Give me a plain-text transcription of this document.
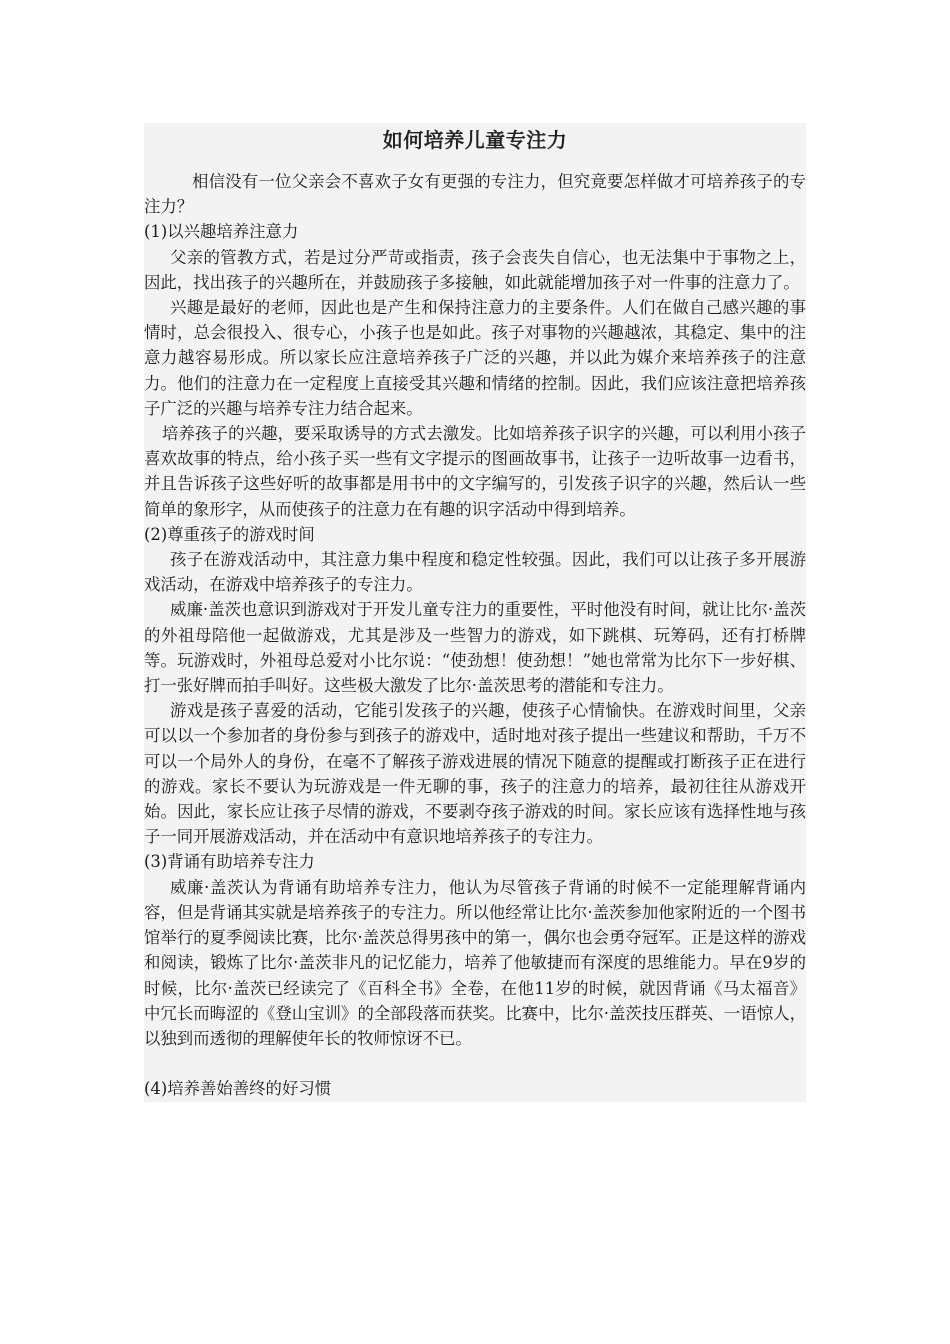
如何培养儿童专注力

相信没有一位父亲会不喜欢子女有更强的专注力，但究竟要怎样做才可培养孩子的专注力？

(1)以兴趣培养注意力

父亲的管教方式，若是过分严苛或指责，孩子会丧失自信心，也无法集中于事物之上，因此，找出孩子的兴趣所在，并鼓励孩子多接触，如此就能增加孩子对一件事的注意力了。

兴趣是最好的老师，因此也是产生和保持注意力的主要条件。人们在做自己感兴趣的事情时，总会很投入、很专心，小孩子也是如此。孩子对事物的兴趣越浓，其稳定、集中的注意力越容易形成。所以家长应注意培养孩子广泛的兴趣，并以此为媒介来培养孩子的注意力。他们的注意力在一定程度上直接受其兴趣和情绪的控制。因此，我们应该注意把培养孩子广泛的兴趣与培养专注力结合起来。

培养孩子的兴趣，要采取诱导的方式去激发。比如培养孩子识字的兴趣，可以利用小孩子喜欢故事的特点，给小孩子买一些有文字提示的图画故事书，让孩子一边听故事一边看书，并且告诉孩子这些好听的故事都是用书中的文字编写的，引发孩子识字的兴趣，然后认一些简单的象形字，从而使孩子的注意力在有趣的识字活动中得到培养。

(2)尊重孩子的游戏时间

孩子在游戏活动中，其注意力集中程度和稳定性较强。因此，我们可以让孩子多开展游戏活动，在游戏中培养孩子的专注力。

威廉·盖茨也意识到游戏对于开发儿童专注力的重要性，平时他没有时间，就让比尔·盖茨的外祖母陪他一起做游戏，尤其是涉及一些智力的游戏，如下跳棋、玩筹码，还有打桥牌等。玩游戏时，外祖母总爱对小比尔说：“使劲想！使劲想！”她也常常为比尔下一步好棋、打一张好牌而拍手叫好。这些极大激发了比尔·盖茨思考的潜能和专注力。

游戏是孩子喜爱的活动，它能引发孩子的兴趣，使孩子心情愉快。在游戏时间里，父亲可以以一个参加者的身份参与到孩子的游戏中，适时地对孩子提出一些建议和帮助，千万不可以一个局外人的身份，在毫不了解孩子游戏进展的情况下随意的提醒或打断孩子正在进行的游戏。家长不要认为玩游戏是一件无聊的事，孩子的注意力的培养，最初往往从游戏开始。因此，家长应让孩子尽情的游戏，不要剥夺孩子游戏的时间。家长应该有选择性地与孩子一同开展游戏活动，并在活动中有意识地培养孩子的专注力。

(3)背诵有助培养专注力

威廉·盖茨认为背诵有助培养专注力，他认为尽管孩子背诵的时候不一定能理解背诵内容，但是背诵其实就是培养孩子的专注力。所以他经常让比尔·盖茨参加他家附近的一个图书馆举行的夏季阅读比赛，比尔·盖茨总得男孩中的第一，偶尔也会勇夺冠军。正是这样的游戏和阅读，锻炼了比尔·盖茨非凡的记忆能力，培养了他敏捷而有深度的思维能力。早在9岁的时候，比尔·盖茨已经读完了《百科全书》全卷，在他11岁的时候，就因背诵《马太福音》中冗长而晦涩的《登山宝训》的全部段落而获奖。比赛中，比尔·盖茨技压群英、一语惊人，以独到而透彻的理解使年长的牧师惊讶不已。

(4)培养善始善终的好习惯
